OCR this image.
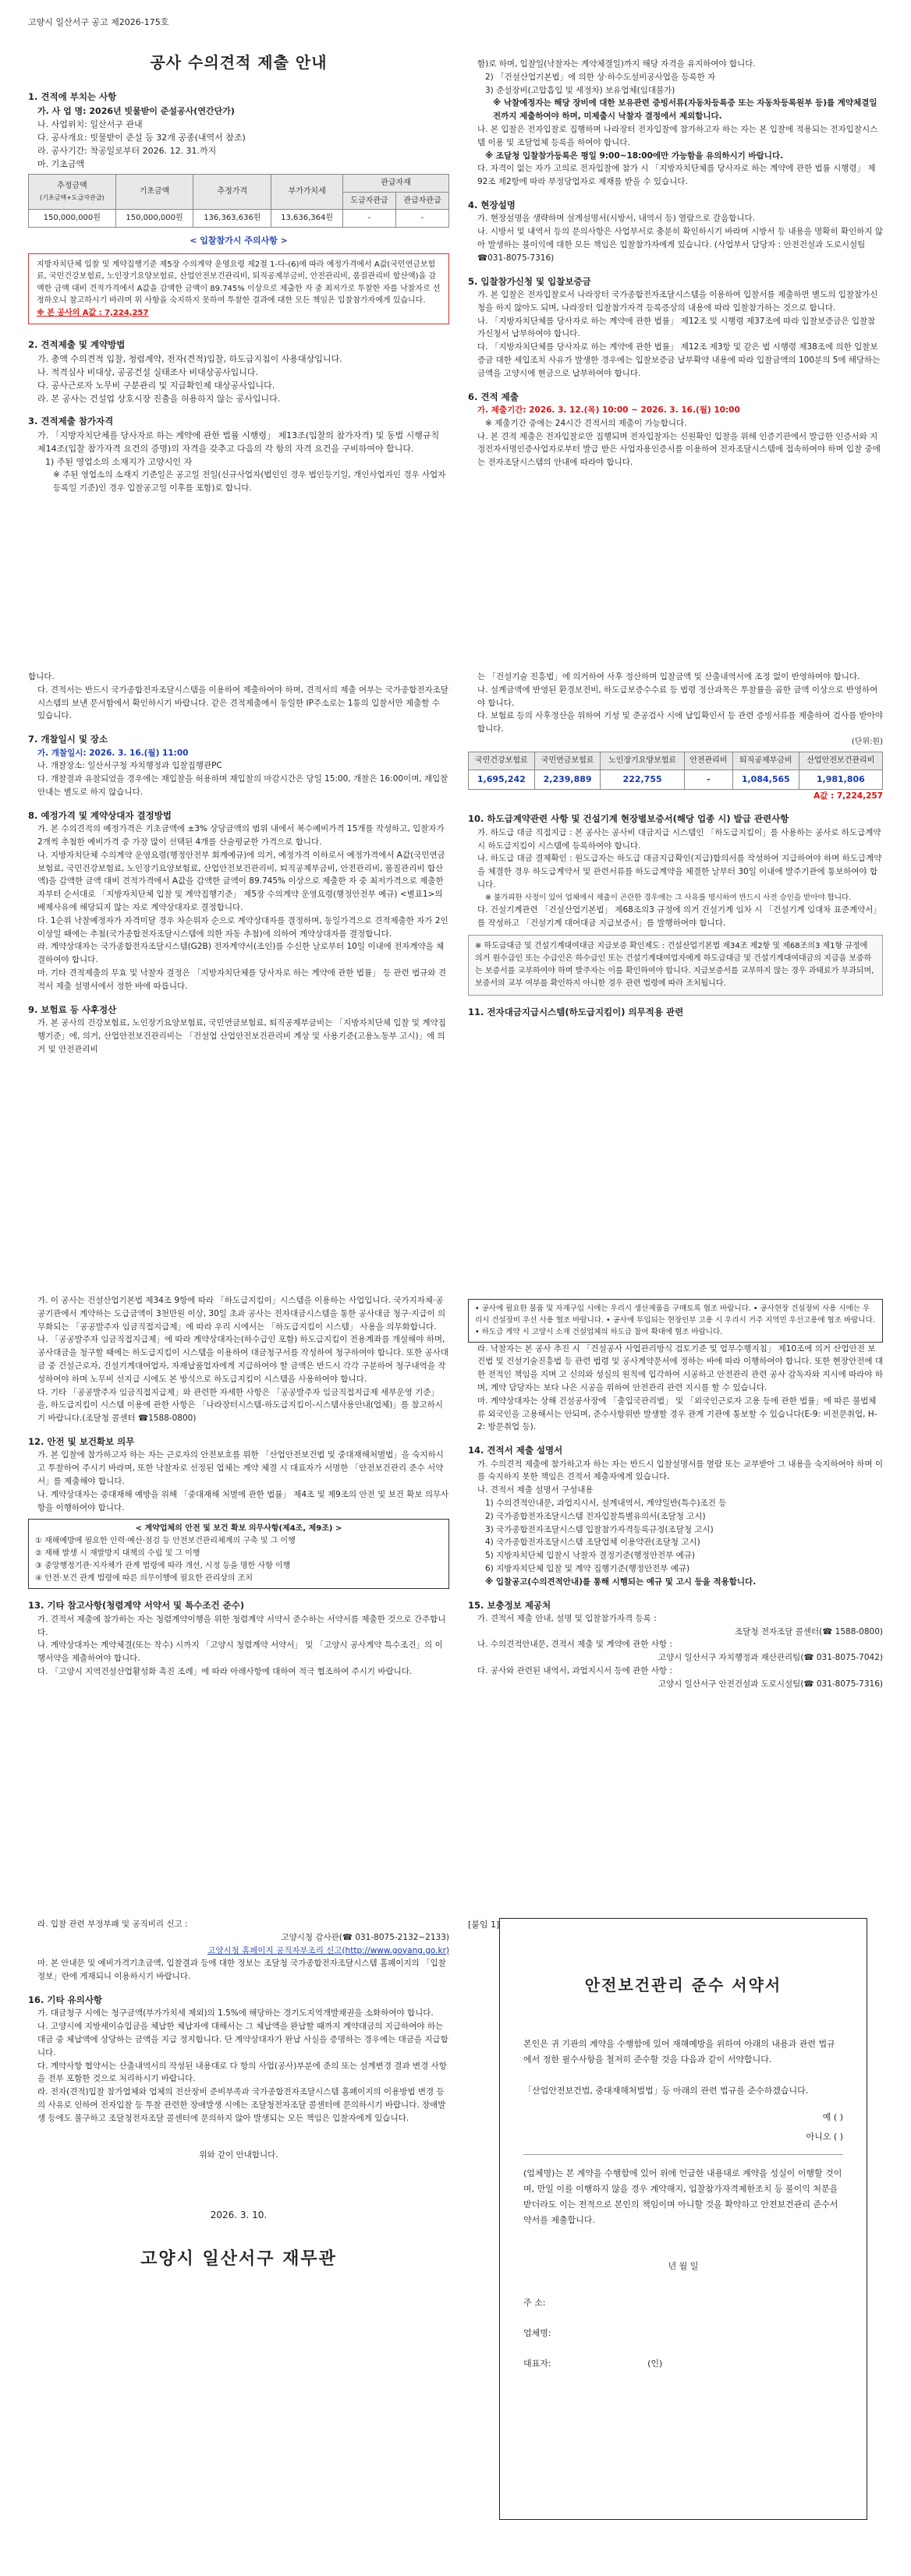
고양시 일산서구 공고 제2026-175호
공사 수의견적 제출 안내
1. 견적에 부치는 사항
가. 사 업 명: 2026년 빗물받이 준설공사(연간단가)
나. 사업위치: 일산서구 관내
다. 공사개요: 빗물받이 준설 등 32개 공종(내역서 참조)
라. 공사기간: 착공일로부터 2026. 12. 31.까지
마. 기초금액
추정금액
(기초금액+도급자관급)	기초금액	추정가격	부가가치세	관급자재	
				도급자관급	관급자관급
150,000,000원	150,000,000원	136,363,636원	13,636,364원	-	-
< 입찰참가시 주의사항 >
지방자치단체 입찰 및 계약집행기준 제5장 수의계약 운영요령 제2절 1-다-(6)에 따라 예정가격에서 A값(국민연금보험료, 국민건강보험료, 노인장기요양보험료, 산업안전보건관리비, 퇴직공제부금비, 안전관리비, 품질관리비 합산액)을 감액한 금액 대비 견적가격에서 A값을 감액한 금액이 89.745% 이상으로 제출한 자 중 최저가로 투찰한 자를 낙찰자로 선정하오니 참고하시기 바라며 위 사항을 숙지하지 못하여 투찰한 결과에 대한 모든 책임은 입찰참가자에게 있습니다.
※ 본 공사의 A값 : 7,224,257
2. 견적제출 및 계약방법
가. 총액 수의견적 입찰, 청렴계약, 전자(견적)입찰, 하도급지침이 사용대상입니다.
나. 적격심사 비대상, 공공건설 실태조사 비대상공사입니다.
다. 공사근로자 노무비 구분관리 및 지급확인제 대상공사입니다.
라. 본 공사는 건설업 상호시장 진출을 허용하지 않는 공사입니다.
3. 견적제출 참가자격
가. 「지방자치단체를 당사자로 하는 계약에 관한 법률 시행령」 제13조(입찰의 참가자격) 및 동법 시행규칙 제14조(입찰 참가자격 요건의 증명)의 자격을 갖추고 다음의 각 항의 자격 요건을 구비하여야 합니다.
1) 주된 영업소의 소재지가 고양시인 자
※ 주된 영업소의 소재지 기준일은 공고일 전일(신규사업자(법인인 경우 법인등기일, 개인사업자인 경우 사업자등록일 기준)인 경우 입찰공고일 이후를 포함)로 합니다.
함)로 하며, 입찰일(낙찰자는 계약체결일)까지 해당 자격을 유지하여야 합니다.
2) 「건설산업기본법」에 의한 상·하수도설비공사업을 등록한 자
3) 준설장비(고압흡입 및 세정차) 보유업체(임대불가)
※ 낙찰예정자는 해당 장비에 대한 보유관련 증빙서류(자동차등록증 또는 자동차등록원부 등)를 계약체결일 전까지 제출하여야 하며, 미제출시 낙찰자 결정에서 제외합니다.
나. 본 입찰은 전자입찰로 집행하며 나라장터 전자입찰에 참가하고자 하는 자는 본 입찰에 적용되는 전자입찰시스템 이용 및 조달업체 등록을 하여야 합니다.
※ 조달청 입찰참가등록은 평일 9:00~18:00에만 가능함을 유의하시기 바랍니다.
다. 자격이 없는 자가 고의로 전자입찰에 참가 시 「지방자치단체를 당사자로 하는 계약에 관한 법률 시행령」 제92조 제2항에 따라 부정당업자로 제재를 받을 수 있습니다.
4. 현장설명
가. 현장설명을 생략하며 설계설명서(시방서, 내역서 등) 열람으로 갈음합니다.
나. 시방서 및 내역서 등의 문의사항은 사업부서로 충분히 확인하시기 바라며 시방서 등 내용을 명확히 확인하지 않아 발생하는 불이익에 대한 모든 책임은 입찰참가자에게 있습니다. (사업부서 담당자 : 안전건설과 도로시설팀 ☎031-8075-7316)
5. 입찰참가신청 및 입찰보증금
가. 본 입찰은 전자입찰로서 나라장터 국가종합전자조달시스템을 이용하여 입찰서를 제출하면 별도의 입찰참가신청을 하지 않아도 되며, 나라장터 입찰참가자격 등록증상의 내용에 따라 입찰참가하는 것으로 합니다.
나. 「지방자치단체를 당사자로 하는 계약에 관한 법률」 제12조 및 시행령 제37조에 따라 입찰보증금은 입찰참가신청서 납부하여야 합니다.
다. 「지방자치단체를 당사자로 하는 계약에 관한 법률」 제12조 제3항 및 같은 법 시행령 제38조에 의한 입찰보증금 대한 세입조치 사유가 발생한 경우에는 입찰보증금 납부확약 내용에 따라 입찰금액의 100분의 5에 해당하는 금액을 고양시에 현금으로 납부하여야 합니다.
6. 견적 제출
가. 제출기간: 2026. 3. 12.(목) 10:00 ~ 2026. 3. 16.(월) 10:00
※ 제출기간 중에는 24시간 견적서의 제출이 가능합니다.
나. 본 견적 제출은 전자입찰로만 집행되며 전자입찰자는 신원확인 입찰을 위해 인증기관에서 발급한 인증서와 지정전자서명인증사업자로부터 발급 받은 사업자용인증서를 이용하여 전자조달시스템에 접속하여야 하며 입찰 중에는 전자조달시스템의 안내에 따라야 합니다.
합니다.
다. 견적서는 반드시 국가종합전자조달시스템을 이용하여 제출하여야 하며, 견적서의 제출 여부는 국가종합전자조달시스템의 보낸 문서함에서 확인하시기 바랍니다. 같은 견적제출에서 동일한 IP주소로는 1통의 입찰서만 제출할 수 있습니다.
7. 개찰일시 및 장소
가. 개찰일시: 2026. 3. 16.(월) 11:00
나. 개찰장소: 일산서구청 자치행정과 입찰집행관PC
다. 개찰결과 유찰되었을 경우에는 재입찰을 허용하며 재입찰의 마감시간은 당일 15:00, 개찰은 16:00이며, 재입찰 안내는 별도로 하지 않습니다.
8. 예정가격 및 계약상대자 결정방법
가. 본 수의견적의 예정가격은 기초금액에 ±3% 상당금액의 범위 내에서 복수예비가격 15개를 작성하고, 입찰자가 2개씩 추첨한 예비가격 중 가장 많이 선택된 4개를 산술평균한 가격으로 합니다.
나. 지방자치단체 수의계약 운영요령(행정안전부 회계예규)에 의거, 예정가격 이하로서 예정가격에서 A값(국민연금보험료, 국민건강보험료, 노인장기요양보험료, 산업안전보건관리비, 퇴직공제부금비, 안전관리비, 품질관리비 합산액)을 감액한 금액 대비 견적가격에서 A값을 감액한 금액이 89.745% 이상으로 제출한 자 중 최저가격으로 제출한 자부터 순서대로 「지방자치단체 입찰 및 계약집행기준」 제5장 수의계약 운영요령(행정안전부 예규) <별표1>의 배제사유에 해당되지 않는 자로 계약상대자로 결정합니다.
다. 1순위 낙찰예정자가 자격미달 경우 차순위자 순으로 계약상대자를 결정하며, 동일가격으로 견적제출한 자가 2인 이상일 때에는 추첨(국가종합전자조달시스템에 의한 자동 추첨)에 의하여 계약상대자를 결정합니다.
라. 계약상대자는 국가종합전자조달시스템(G2B) 전자계약서(조인)를 수신한 날로부터 10일 이내에 전자계약을 체결하여야 합니다.
마. 기타 견적제출의 무효 및 낙찰자 결정은 「지방자치단체를 당사자로 하는 계약에 관한 법률」 등 관련 법규와 견적서 제출 설명서에서 정한 바에 따릅니다.
9. 보험료 등 사후정산
가. 본 공사의 건강보험료, 노인장기요양보험료, 국민연금보험료, 퇴직공제부금비는 「지방자치단체 입찰 및 계약집행기준」에, 의거, 산업안전보건관리비는 「건설업 산업안전보건관리비 계상 및 사용기준(고용노동부 고시)」에 의거 및 안전관리비
는 「건설기술 진흥법」에 의거하여 사후 정산하며 입찰금액 및 산출내역서에 조정 없이 반영하여야 합니다.
나. 설계금액에 반영된 환경보전비, 하도급보증수수료 등 법령 정산과목은 투찰률을 곱한 금액 이상으로 반영하여야 합니다.
다. 보험료 등의 사후정산을 위하여 기성 및 준공검사 시에 납입확인서 등 관련 증빙서류를 제출하여 검사를 받아야 합니다.
(단위:원)
국민건강보험료	국민연금보험료	노인장기요양보험료	안전관리비	퇴직공제부금비	산업안전보건관리비
1,695,242	2,239,889	222,755	-	1,084,565	1,981,806
A값 : 7,224,257
10. 하도급계약관련 사항 및 건설기계 현장별보증서(해당 업종 시) 발급 관련사항
가. 하도급 대금 직접지급 : 본 공사는 공사비 대금지급 시스템인 「하도급지킴이」를 사용하는 공사로 하도급계약 시 하도급지킴이 시스템에 등록하여야 합니다.
나. 하도급 대금 결제확인 : 원도급자는 하도급 대금지급확인(지급)합의서를 작성하여 지급하여야 하며 하도급계약을 체결한 경우 하도급계약서 및 관련서류를 하도급계약을 체결한 날부터 30일 이내에 발주기관에 통보하여야 합니다.
※ 불가피한 사정이 있어 업체에서 제출이 곤란한 경우에는 그 사유를 명시하여 반드시 사전 승인을 받아야 합니다.
다. 건설기계관련 「건설산업기본법」 제68조의3 규정에 의거 건설기계 임차 시 「건설기계 임대차 표준계약서」를 작성하고 「건설기계 대여대금 지급보증서」를 발행하여야 합니다.
※ 하도급대금 및 건설기계대여대금 지급보증 확인제도 : 건설산업기본법 제34조 제2항 및 제68조의3 제1항 규정에 의거 원수급인 또는 수급인은 하수급인 또는 건설기계대여업자에게 하도급대금 및 건설기계대여대금의 지급을 보증하는 보증서를 교부하여야 하며 발주자는 이를 확인하여야 합니다. 지급보증서를 교부하지 않는 경우 과태료가 부과되며, 보증서의 교부 여부를 확인하지 아니한 경우 관련 법령에 따라 조치됩니다.
11. 전자대금지급시스템(하도급지킴이) 의무적용 관련
가. 이 공사는 건설산업기본법 제34조 9항에 따라 「하도급지킴이」시스템을 이용하는 사업입니다. 국가지자체·공공기관에서 계약하는 도급금액이 3천만원 이상, 30일 초과 공사는 전자대금시스템을 통한 공사대금 청구·지급이 의무화되는 「공공발주자 임금직접지급제」에 따라 우리 시에서는 「하도급지킴이 시스템」 사용을 의무화합니다.
나. 「공공발주자 임금직접지급제」에 따라 계약상대자는(하수급인 포함) 하도급지킴이 전용계좌를 개설해야 하며, 공사대금을 청구할 때에는 하도급지킴이 시스템을 이용하여 대금청구서를 작성하여 청구하여야 합니다. 또한 공사대금 중 건설근로자, 건설기계대여업자, 자재납품업자에게 지급하여야 할 금액은 반드시 각각 구분하여 청구내역을 작성하여야 하며 노무비 선지급 시에도 본 방식으로 하도급지킴이 시스템을 사용하여야 합니다.
다. 기타 「공공발주자 임금직접지급제」와 관련한 자세한 사항은 「공공발주자 임금직접지급제 세부운영 기준」을, 하도급지킴이 시스템 이용에 관한 사항은 「나라장터시스템-하도급지킴이-시스템사용안내(업체)」를 참고하시기 바랍니다.(조달청 콜센터 ☎1588-0800)
12. 안전 및 보건확보 의무
가. 본 입찰에 참가하고자 하는 자는 근로자의 안전보호를 위한 「산업안전보건법 및 중대재해처벌법」을 숙지하시고 투찰하여 주시기 바라며, 또한 낙찰자로 선정된 업체는 계약 체결 시 대표자가 서명한 「안전보건관리 준수 서약서」를 제출해야 합니다.
나. 계약상대자는 중대재해 예방을 위해 「중대재해 처벌에 관한 법률」 제4조 및 제9조의 안전 및 보건 확보 의무사항을 이행하여야 합니다.
< 계약업체의 안전 및 보건 확보 의무사항(제4조, 제9조) >
① 재해예방에 필요한 인력·예산·점검 등 안전보건관리체계의 구축 및 그 이행
② 재해 발생 시 재발방지 대책의 수립 및 그 이행
③ 중앙행정기관·지자체가 관계 법령에 따라 개선, 시정 등을 명한 사항 이행
④ 안전·보건 관계 법령에 따른 의무이행에 필요한 관리상의 조치
13. 기타 참고사항(청렴계약 서약서 및 특수조건 준수)
가. 견적서 제출에 참가하는 자는 청렴계약이행을 위한 청렴계약 서약서 준수하는 서약서를 제출한 것으로 간주합니다.
나. 계약상대자는 계약체결(또는 착수) 시까지 「고양시 청렴계약 서약서」 및 「고양시 공사계약 특수조건」의 이행서약을 제출하여야 합니다.
다. 「고양시 지역건설산업활성화 촉진 조례」에 따라 아래사항에 대하여 적극 협조하여 주시기 바랍니다.
• 공사에 필요한 물품 및 자재구입 시에는 우리시 생산제품을 구매토록 협조 바랍니다. • 공사현장 건설장비 사용 시에는 우리시 건설장비 우선 사용 협조 바랍니다. • 공사에 투입되는 현장인부 고용 시 우리시 거주 지역민 우선고용에 협조 바랍니다. • 하도급 계약 시 고양시 소재 건설업체의 하도급 참여 확대에 협조 바랍니다.
라. 낙찰자는 본 공사 추진 시 「건설공사 사업관리방식 검토기준 및 업무수행지침」 제10조에 의거 산업안전 보건법 및 건설기술진흥법 등 관련 법령 및 공사계약문서에 정하는 바에 따라 이행하여야 합니다. 또한 현장안전에 대한 전적인 책임을 지며 고 신의와 성실의 원칙에 입각하여 시공하고 안전관리 관련 공사 감독자와 지시에 따라야 하며, 계약 담당자는 보다 나은 시공을 위하여 안전관리 관련 지시를 할 수 있습니다.
마. 계약상대자는 상해 건설공사장에 「출입국관리법」 및 「외국인근로자 고용 등에 관한 법률」에 따른 불법체류 외국인을 고용해서는 안되며, 준수사항위반 발생할 경우 관계 기관에 통보할 수 있습니다(E-9: 비전문취업, H-2: 방문취업 등).
14. 견적서 제출 설명서
가. 수의견적 제출에 참가하고자 하는 자는 반드시 입찰설명서를 열람 또는 교부받아 그 내용을 숙지하여야 하며 이를 숙지하지 못한 책임은 견적서 제출자에게 있습니다.
나. 견적서 제출 설명서 구성내용
1) 수의견적안내문, 과업지시서, 설계내역서, 계약일반(특수)조건 등
2) 국가종합전자조달시스템 전자입찰특별유의서(조달청 고시)
3) 국가종합전자조달시스템 입찰참가자격등록규정(조달청 고시)
4) 국가종합전자조달시스템 조달업체 이용약관(조달청 고시)
5) 지방자치단체 입찰시 낙찰자 결정기준(행정안전부 예규)
6) 지방자치단체 입찰 및 계약 집행기준(행정안전부 예규)
※ 입찰공고(수의견적안내)를 통해 시행되는 예규 및 고시 등을 적용합니다.
15. 보충정보 제공처
가. 견적서 제출 안내, 설명 및 입찰참가자격 등록 :
조달청 전자조달 콜센터(☎ 1588-0800)
나. 수의견적안내문, 견적서 제출 및 계약에 관한 사항 :
고양시 일산서구 자치행정과 재산관리팀(☎ 031-8075-7042)
다. 공사와 관련된 내역서, 과업지시서 등에 관한 사항 :
고양시 일산서구 안전건설과 도로시설팀(☎ 031-8075-7316)
라. 입찰 관련 부정부패 및 공직비리 신고 :
고양시청 감사관(☎ 031-8075-2132~2133)
고양시청 홈페이지 공직자부조리 신고(http://www.goyang.go.kr)
마. 본 안내문 및 예비가격기초금액, 입찰결과 등에 대한 정보는 조달청 국가종합전자조달시스템 홈페이지의 「입찰정보」란에 게재되니 이용하시기 바랍니다.
16. 기타 유의사항
가. 대금청구 시에는 청구금액(부가가치세 제외)의 1.5%에 해당하는 경기도지역개발채권을 소화하여야 합니다.
나. 고양시에 지방세이슈입금을 체납한 체납자에 대해서는 그 체납액을 완납할 때까지 계약대금의 지급하여야 하는 대금 중 체납액에 상당하는 금액을 지급 정지합니다. 단 계약상대자가 완납 사실을 증명하는 경우에는 대금을 지급합니다.
다. 계약사항 협약서는 산출내역서의 작성된 내용대로 다 항의 사업(공사)부분에 준의 또는 설계변경 결과 변경 사항을 전부 포함한 것으로 처리하시기 바랍니다.
라. 전자(견적)입찰 참가업체와 업체의 전산장비 준비부족과 국가종합전자조달시스템 홈페이지의 이용방법 변경 등의 사유로 인하여 전자입찰 등 투찰 관련한 장애발생 시에는 조달청전자조달 콜센터에 문의하시기 바랍니다. 장애발생 등에도 불구하고 조달청전자조달 콜센터에 문의하지 않아 발생되는 모든 책임은 입찰자에게 있습니다.
위와 같이 안내합니다.
2026. 3. 10.
고양시 일산서구 재무관
[붙임 1]
안전보건관리 준수 서약서

본인은 귀 기관의 계약을 수행함에 있어 재해예방을 위하여 아래의 내용과 관련 법규에서 정한 필수사항을 철저히 준수할 것을 다음과 같이 서약합니다.

「산업안전보건법, 중대재해처벌법」등 아래의 관련 법규를 준수하겠습니다.

예 ( )
아니오 ( )

(업체명)는 본 계약을 수행함에 있어 위에 언급한 내용대로 계약을 성실이 이행할 것이며, 만일 이를 이행하지 않을 경우 계약해지, 입찰참가자격제한조치 등 불이익 처분을 받더라도 이는 전적으로 본인의 책임이며 아니할 것을 확약하고 안전보건관리 준수서약서를 제출합니다.

년 월 일
주 소:
업체명:
대표자:	(인)
